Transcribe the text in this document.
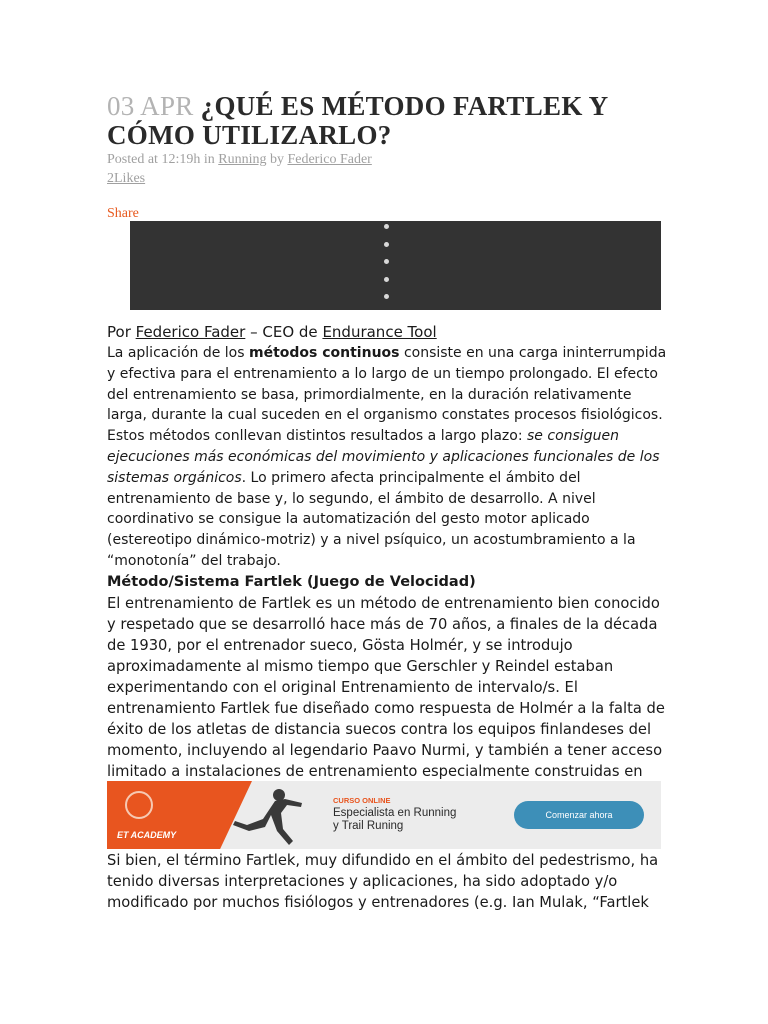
03 APR ¿QUÉ ES MÉTODO FARTLEK Y CÓMO UTILIZARLO?
Posted at 12:19h in Running by Federico Fader
2Likes
Share

Por Federico Fader – CEO de Endurance Tool

La aplicación de los métodos continuos consiste en una carga ininterrumpida y efectiva para el entrenamiento a lo largo de un tiempo prolongado. El efecto del entrenamiento se basa, primordialmente, en la duración relativamente larga, durante la cual suceden en el organismo constates procesos fisiológicos. Estos métodos conllevan distintos resultados a largo plazo: se consiguen ejecuciones más económicas del movimiento y aplicaciones funcionales de los sistemas orgánicos. Lo primero afecta principalmente el ámbito del entrenamiento de base y, lo segundo, el ámbito de desarrollo. A nivel coordinativo se consigue la automatización del gesto motor aplicado (estereotipo dinámico-motriz) y a nivel psíquico, un acostumbramiento a la “monotonía” del trabajo.

Método/Sistema Fartlek (Juego de Velocidad)

El entrenamiento de Fartlek es un método de entrenamiento bien conocido y respetado que se desarrolló hace más de 70 años, a finales de la década de 1930, por el entrenador sueco, Gösta Holmér, y se introdujo aproximadamente al mismo tiempo que Gerschler y Reindel estaban experimentando con el original Entrenamiento de intervalo/s. El entrenamiento Fartlek fue diseñado como respuesta de Holmér a la falta de éxito de los atletas de distancia suecos contra los equipos finlandeses del momento, incluyendo al legendario Paavo Nurmi, y también a tener acceso limitado a instalaciones de entrenamiento especialmente construidas en

ET ACADEMY
CURSO ONLINE
Especialista en Running
y Trail Runing
Comenzar ahora

Si bien, el término Fartlek, muy difundido en el ámbito del pedestrismo, ha tenido diversas interpretaciones y aplicaciones, ha sido adoptado y/o modificado por muchos fisiólogos y entrenadores (e.g. Ian Mulak, “Fartlek
